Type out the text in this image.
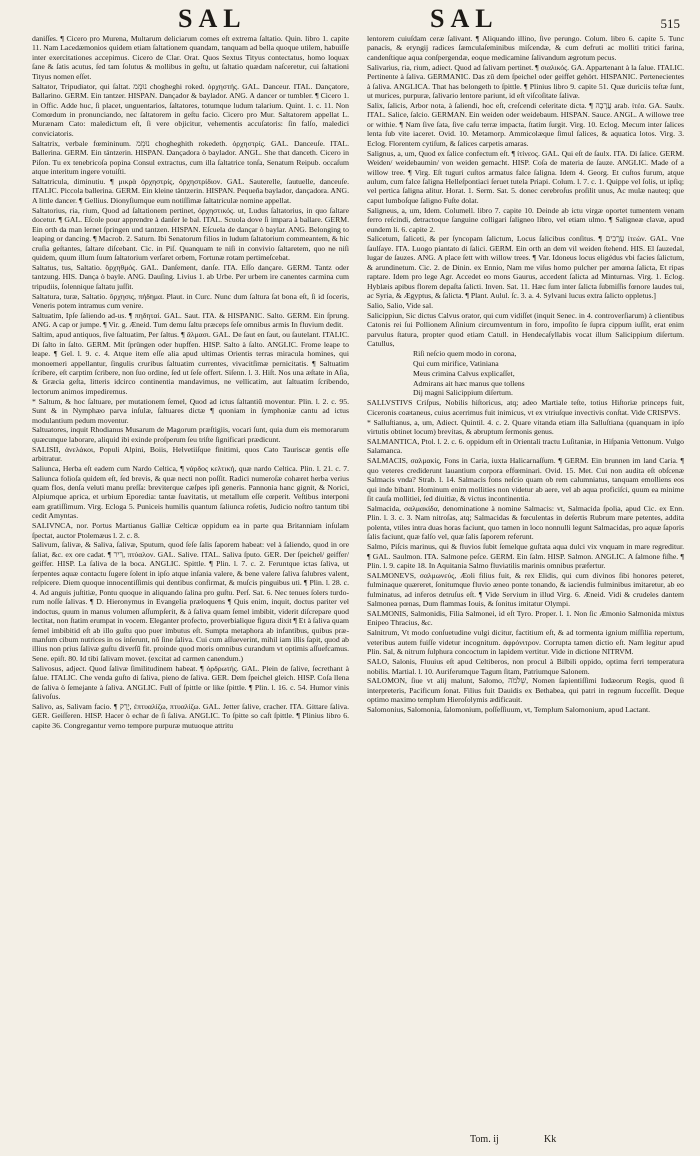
SAL	SAL	515

daniſſes. ¶ Cicero pro Murena, Multarum deliciarum comes eſt extrema ſaltatio. Quin. libro 1. capite 11. Nam Lacedæmonios quidem etiam ſaltationem quandam, tanquam ad bella quoque utilem, habuiſſe inter exercitationes accepimus. Cicero de Clar. Orat. Quos Sextus Tityus contectatus, homo loquax ſane & ſatis acutus, ſed tam ſolutus & mollibus in geſtu, ut ſaltatio quædam naſceretur, cui ſaltationi Tityus nomen eſſet.

Saltator, Tripudiator, qui ſaltat. נוּמְמ chogheghi roked. ὀρχηστής. GAL. Danceur. ITAL. Dançatore, Ballarino. GERM. Ein tantzer. HISPAN. Dançador & baylador. ANG. A dancer or tumbler. ¶ Cicero 1. in Offic. Adde huc, ſi placet, unguentarios, ſaltatores, totumque ludum talarium. Quint. 1. c. 11. Non Comœdum in pronunciando, nec ſaltatorem in geſtu facio. Cicero pro Mur. Saltatorem appellat L. Murænam Cato: maledictum eſt, ſi vere objicitur, vehementis accuſatoris: ſin falſo, maledici conviciatoris.

Saltatrix, verbale fœmininum. נוּמְמ chogheghith rokedeth. ὀρχηστρίς. GAL. Danceuſe. ITAL. Ballerina. GERM. Ein täntzerin. HISPAN. Dançadora ò baylador. ANGL. She that danceth. Cicero in Piſon. Tu ex tenebricoſa popina Consul extractus, cum illa ſaltatrice tonſa, Senatum Reipub. occaſum atque interitum ingere votuiſti.

Saltatricula, diminutiu. ¶ μικρὰ ὀρχηστρίς, ὀρχηστρίδιον. GAL. Sauterelle, ſautuelle, danceuſe. ITALIC. Piccola ballerina. GERM. Ein kleine täntzerin. HISPAN. Pequeña baylador, dançadora. ANG. A little dancer. ¶ Gellius. Dionyſiumque eum notiſſimæ ſaltatriculæ nomine appellat.

Saltatorius, ria, rium, Quod ad ſaltationem pertinet, ὀρχηστικός. ut, Ludus ſaltatorius, in quo ſaltare docetur. ¶ GAL. Eſcole pour apprendre à danſer le bal. ITAL. Scuola dove ſi impara à ballare. GERM. Ein orth da man lernet ſpringen und tantzen. HISPAN. Eſcuela de dançar ò baylar. ANG. Belonging to leaping or dancing. ¶ Macrob. 2. Saturn. Ibi Senatorum filios in ludum ſaltatorium commeantem, & hic cruſia geſtantes, ſaltare diſcebant. Cic. in Piſ. Quanquam te niſi in convivio ſaltaretem, quo ne niſi quidem, quum illum ſuum ſaltatorium verſaret orbem, Fortunæ rotam pertimeſcebat.

Saltatus, tus, Saltatio. ὄρχηθμός. GAL. Danſement, danſe. ITA. Eſſo dançare. GERM. Tantz oder tantzung. HIS. Dança ò bayle. ANG. Dauſing. Livius 1. ab Urbe. Per urbem ire canentes carmina cum tripudiis, ſolennique ſaltatu juſſit.

Saltatura, turæ, Saltatio. ὄρχησις, πήδημα. Plaut. in Curc. Nunc dum ſaltura ſat bona eſt, ſi id ſoceris, Veneris potem intramus cum venire.

Saltuatim, Ipſe ſaliendo ad-us. ¶ πηδηταί. GAL. Saut. ITA. & HISPANIC. Salto. GERM. Ein ſprung. ANG. A cap or jumpe. ¶ Vir. g. Æneid. Tum demu ſaltu præceps ſeſe omnibus armis In fluvium dedit.

Saltim, apud antiquos, ſive ſaltuatim, Per ſaltus. ¶ ἅλμασι. GAL. De ſaut en ſaut, ou ſautelant. ITALIC. Di ſalto in ſalto. GERM. Mit ſprüngen oder hupffen. HISP. Salto à ſalto. ANGLIC. Frome leape to leape. ¶ Gel. l. 9. c. 4. Atque item eſſe alia apud ultimas Orientis terras miracula homines, qui monoemeri appellantur, ſingulis cruribus ſaltuatim currentes, vivacitſimæ pernicitatis. ¶ Saltuatim ſcribere, eſt carptim ſcribere, non ſuo ordine, ſed ut ſeſe offert. Siſenn. l. 3. Hiſt. Nos una æſtate in Aſia, & Græcia geſta, litteris idcirco continentia mandavimus, ne vellicatim, aut ſaltuatim ſcribendo, lectorum animos impediremus.

* Saltum, & hoc ſaltuare, per mutationem ſemel, Quod ad ictus ſaltantiū moventur. Plin. l. 2. c. 95. Sunt & in Nymphæo parva inſulæ, ſaltuares dictæ ¶ quoniam in ſymphoniæ cantu ad ictus modulantium pedum moventur.

Saltuatores, inquit Rhodianus Musarum de Magorum præſtigiis, vocari ſunt, quia dum eis memorarum quæcunque laborare, aliquid ibi exinde proſperum ſeu triſte ſignificari prædicunt.

SALISII, ἀνελάκοι, Populi Alpini, Boiis, Helvetiiſque finitimi, quos Cato Tauriscæ gentis eſſe arbitratur.

Saliunca, Herba eſt eadem cum Nardo Celtica, ¶ νάρδος κελτική, quæ nardo Celtica. Plin. l. 21. c. 7. Saliunca folioſa quidem eſt, ſed brevis, & quæ necti non poſſit. Radici numeroſæ cohæret herba verius quam flos, denſa veluti manu preſſa: breviterque cæſpes ipſi generis. Pannonia hanc gignit, & Norici, Alpiumque aprica, et urbium Eporedia: tantæ ſuavitatis, ut metallum eſſe cœperit. Veſtibus interponi eam gratiſſimum. Virg. Ecloga 5. Puniceis humilis quantum ſaliunca roſetis, Judicio noſtro tantum tibi cedit Amyntas.

SALIVNCA, nor. Portus Martianus Galliæ Celticæ oppidum ea in parte qua Britanniam inſulam ſpectat, auctor Ptolemæus l. 2. c. 8.

Salivum, ſalivæ, & Saliva, ſalivæ, Sputum, quod ſeſe ſalis ſaporem habeat: vel à ſaliendo, quod in ore ſaliat, &c. ex ore cadat. ¶ רִיר, πτύαλον. GAL. Salive. ITAL. Saliva ſputo. GER. Der ſpeichel/ geiffer/ geiffer. HISP. La ſaliva de la boca. ANGLIC. Spittle. ¶ Plin. l. 7. c. 2. Feruntque ictas ſaliva, ut ſerpentes aquæ contactu ſugere ſolent in ipſo atque inſania valere, & bene valere ſaliva ſalubres valent, reſpicere. Diem quoque innocentiſſimis qui dentibus confirmat, & muſcis pinguibus uti. ¶ Plin. l. 28. c. 4. Ad anguis juſtitiæ, Pontu quoque in aliquando ſalina pro guſtu. Perſ. Sat. 6. Nec tenues ſolers turdorum noſſe ſalivas. ¶ D. Hieronymus in Evangelia præloquens ¶ Quis enim, inquit, doctus pariter vel indoctus, quum in manus volumen aſſumpſerit, & à ſaliva quam ſemel imbibit, viderit diſcrepare quod lectitat, non ſtatim erumpat in vocem. Eleganter profecto, proverbialique figura dixit ¶ Et à ſaliva quam ſemel imbibitid eſt ab illo guſtu quo puer imbutus eſt. Sumpta metaphora ab infantibus, quibus præmanſum cibum nutrices in os inſerunt, nō ſine ſaliva. Cui cum aſſueverint, mihil iam illis ſapit, quod ab illius non prius ſalivæ guſtu diverſū fit. proinde quod moris omnibus curandum vt optimis aſſuefcamus. Sene. epiſt. 80. Id tibi ſalivam movet. (excitat ad carmen canendum.)

Salivosus, adject. Quod ſalivæ ſimilitudinem habeat. ¶ ὀρδρωτής. GAL. Plein de ſalive, ſecrethant à ſalue. ITALIC. Che venda guſto di ſaliva, pieno de ſaliva. GER. Dem ſpeichel gleich. HISP. Coſa llena de ſaliva ò ſemejante à ſaliva. ANGLIC. Full of ſpittle or like ſpittle. ¶ Plin. l. 16. c. 54. Humor vinis ſalivoſus.

Salivo, as, Salivam facio. ¶ יָרַק, ἐπτυαλίζω, πτυαλίζω. GAL. Jetter ſalive, cracher. ITA. Gittare ſaliva. GER. Geiſſeren. HISP. Hacer ò echar de ſi ſaliva. ANGLIC. To ſpitte so caſt ſpittle. ¶ Plinius libro 6. capite 36. Congregantur verno tempore purpuræ mutuoque attritu

lentorem cuiuſdam ceræ ſalivant. ¶ Aliquando illino, ſive perungo. Colum. libro 6. capite 5. Tunc panacis, & eryngij radices ſæmculaſeminibus miſcendæ, & cum defruti ac molliti tritici farina, candenſtique aqua conſpergendæ, eoque medicamine ſalivandum ægrotum pecus.

Salivarius, ria, rium, adiect. Quod ad ſalivam pertinet. ¶ σιαλικός. GA. Appartenant à la ſalue. ITALIC. Pertinente à ſaliva. GERMANIC. Das zū dem ſpeichel oder geiffet gehört. HISPANIC. Pertenecientes à ſaliva. ANGLICA. That has belongeth to ſpittle. ¶ Plinius libro 9. capite 51. Quæ duriciis teſtæ ſunt, ut murices, purpuræ, ſalivario lentore pariunt, id eſt viſcoſitate ſalivæ.

Salix, ſalicis, Arbor nota, à ſaliendi, hoc eſt, creſcendi celeritate dicta. ¶ עֲרָבָה arab. ἰτέα. GA. Saulx. ITAL. Salice, ſalcio. GERMAN. Ein weiden oder weidebaum. HISPAN. Sauce. ANGL. A willowe tree or withie. ¶ Nam ſive ſata, ſive caſu terræ impacta, ſtatim ſurgit. Virg. 10. Eclog. Mecum inter ſalices lenta ſub vite iaceret. Ovid. 10. Metamorp. Ammicolæque ſimul ſalices, & aquatica lotos. Virg. 3. Eclog. Florentem cytiſum, & ſalices carpetis amaras.

Salignus, a, um, Quod ex ſalice confectum eſt. ¶ ἰτίνεος. GAL. Qui eſt de ſaulx. ITA. Di ſalice. GERM. Weiden/ weidebaumin/ von weiden gemacht. HISP. Coſa de materia de ſauze. ANGLIC. Made of a willow tree. ¶ Virg. Eſt tuguri cuſtos armatus falce ſaligna. Idem 4. Georg. Et cuſtos furum, atque aulum, cum falce ſaligna Helleſpontiaci ſeruet tutela Priapi. Colum. l. 7. c. 1. Quippe vel ſolis, ut ipſiq; vel pertica ſaligna alitur. Horat. 1. Serm. Sat. 5. donec cerebroſus proſilit unus, Ac mulæ nauteq; que caput lumboſque ſaligno Fuſte dolat.

Saligneus, a, um, Idem. Columell. libro 7. capite 10. Deinde ab ictu virgæ oportet tumentem venam ferro reſcindi, detractoque ſanguine colligari ſaligneo libro, vel etiam ulmo. ¶ Saligneæ clavæ, apud eundem li. 6. capite 2.

Salicetum, ſaliceti, & per ſyncopam ſalictum, Locus ſalicibus conſitus. ¶ עֲרָבִים ἰτεών. GAL. Vne ſaulſaye. ITA. Luogo piantato di ſalici. GERM. Ein orth an dem vil weiden ſtehend. HIS. El ſauzedal, lugar de ſauzes. ANG. A place ſett with willow trees. ¶ Var. Idoneus locus eligédus vbi facies ſalictum, & arundinetum. Cic. 2. de Dinin. ex Ennio, Nam me viſus homo pulcher per amœna ſalicta, Et ripas raptare. Idem pro lege Agr. Accedet eo mons Gaurus, accedent ſalicta ad Minturnas. Virg. 1. Eclog. Hyblæis apibus florem depaſta ſalicti. Inven. Sat. 11. Hæc ſum inter ſalicta ſubmiſſis fœnore laudes tui, ac Syria, & Ægyptus, & ſalicta. ¶ Plant. Aulul. ſc. 3. a. 4. Sylvani lucus extra ſalicto oppletus.]

Salio, Salio, Vide sal.

Salicippiun, Sic dictus Calvus orator, qui cum vidiſſet (inquit Senec. in 4. controverſiarum) à clientibus Catonis rei ſui Pollionem Aſinium circumventum in foro, impoſito ſe ſupra cippum iuſſit, erat enim parvulus ſtatura, propter quod etiam Catull. in Hendecaſyllabis vocat illum Salicippium diſertum. Catullus,

Riſi neſcio quem modo in corona,

Qui cum mirifice, Vatiniana

Meus crimina Calvus explicaſſet,

Admirans ait hæc manus que tollens

Dij magni Salicippium diſertum.

SALLVSTIVS Criſpus, Nobilis hiſtoricus, atq; adeo Martiale teſte, totius Hiſtoriæ princeps fuit, Ciceronis coætaneus, cuius acerrimus fuit inimicus, vt ex vtriuſque invectivis conſtat. Vide CRISPVS.

* Salluſtianus, a, um, Adiect. Quintil. 4. c. 2. Quare vitanda etiam illa Salluſtiana (quanquam in ipſo virtutis obtinet locum) brevitas, & abruptum ſermonis genus.

SALMANTICA, Ptol. l. 2. c. 6. oppidum eſt in Orientali tractu Luſitaniæ, in Hiſpania Vettonum. Vulgo Salamanca.

SALMACIS, σαλμακίς, Fons in Caria, iuxta Halicarnaſſum. ¶ GERM. Ein brunnen im land Caria. ¶ quo veteres crediderunt lauantium corpora effœminari. Ovid. 15. Met. Cui non audita eſt obſcenæ Salmacis vnda? Strab. l. 14. Salmacis fons neſcio quam ob rem calumniatus, tanquam emolliens eos qui inde bibant. Hominum enim mollities non videtur ab aere, vel ab aqua proficiſci, quum ea minime ſit cauſa mollitiei, ſed diuitiæ, & victus incontinentia.

Salmacida, σαλμακίδα, denominatione à nomine Salmacis: vt, Salmacida ſpolia, apud Cic. ex Enn. Plin. l. 3. c. 3. Nam nitroſas, atq; Salmacidas & fœculentas in deſertis Rubrum mare petentes, addita polenta, vtiles intra duas horas faciunt, quo tamen in loco nonnulli legunt Salmacidas, pro aquæ ſaporis ſalis faciunt, quæ falſo vel, quæ ſalis ſaporem referunt.

Salmo, Piſcis marinus, qui & fluvios ſubit ſemelque guſtata aqua dulci vix vnquam in mare regreditur. ¶ GAL. Saulmon. ITA. Salmone peſce. GERM. Ein ſalm. HISP. Salmon. ANGLIC. A ſalmone fiſhe. ¶ Plin. l. 9. capite 18. In Aquitania Salmo fluviatilis marinis omnibus præfertur.

SALMONEVS, σαλμωνεύς, Æoli filius fuit, & rex Elidis, qui cum divinos ſibi honores peteret, fulminaque quæreret, ſonitumque fluvio æneo ponte tonando, & iaciendis fulminibus imitaretur, ab eo fulminatus, ad inferos detruſus eſt. ¶ Vide Servium in illud Virg. 6. Æneid. Vidi & crudeles dantem Salmonea pœnas, Dum flammas Iouis, & ſonitus imitatur Olympi.

SALMONIS, Salmonidis, Filia Salmonei, id eſt Tyro. Proper. l. 1. Non ſic Æmonio Salmonida mixtus Enipeo Thracius, &c.

Salnitrum, Vt modo conſuetudine vulgi dicitur, factitium eſt, & ad tormenta ignium miſſilia repertum, veteribus autem fuiſſe videtur incognitum. ἀφρόνιτρον. Corrupta tamen dictio eſt. Nam legitur apud Plin. Sal, & nitrum ſulphura concoctum in lapidem vertitur. Vide in dictione NITRVM.

SALO, Salonis, Fluuius eſt apud Celtiberos, non procul à Bilbili oppido, optima ferri temperatura nobilis. Martial. l. 10. Auriferumque Tagum ſitam, Patriumque Salonem.

SALOMON, ſiue vt alij malunt, Salomo, שְׁלֹמֹה, Nomen ſapientiſſimi Iudæorum Regis, quod ſi interpreteris, Pacificum ſonat. Filius fuit Dauidis ex Bethabea, qui patri in regnum ſucceſſit. Deque optimo maximo templum Hieroſolymis ædificauit.

Salomonius, Salomonia, ſalomonium, poſſeſſiuum, vt, Templum Salomonium, apud Lactant.

Tom. ij	Kk
